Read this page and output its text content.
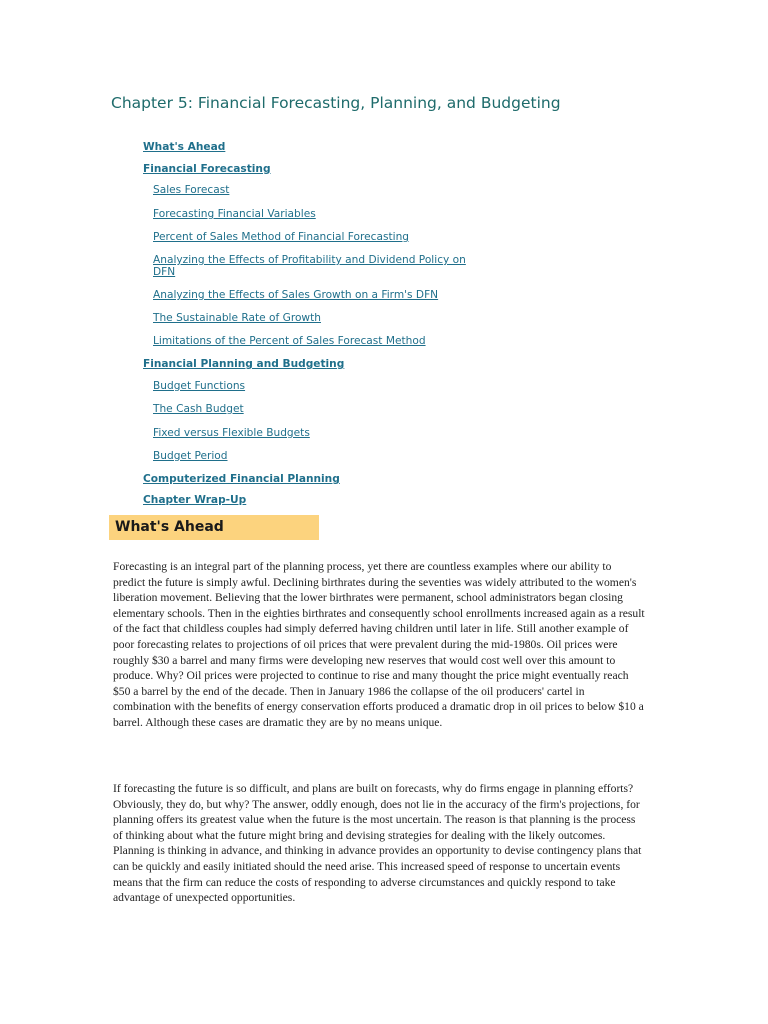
Chapter 5: Financial Forecasting, Planning, and Budgeting
What's Ahead
Financial Forecasting
Sales Forecast
Forecasting Financial Variables
Percent of Sales Method of Financial Forecasting
Analyzing the Effects of Profitability and Dividend Policy on DFN
Analyzing the Effects of Sales Growth on a Firm's DFN
The Sustainable Rate of Growth
Limitations of the Percent of Sales Forecast Method
Financial Planning and Budgeting
Budget Functions
The Cash Budget
Fixed versus Flexible Budgets
Budget Period
Computerized Financial Planning
Chapter Wrap-Up
What's Ahead

Forecasting is an integral part of the planning process, yet there are countless examples where our ability to predict the future is simply awful. Declining birthrates during the seventies was widely attributed to the women's liberation movement. Believing that the lower birthrates were permanent, school administrators began closing elementary schools. Then in the eighties birthrates and consequently school enrollments increased again as a result of the fact that childless couples had simply deferred having children until later in life. Still another example of poor forecasting relates to projections of oil prices that were prevalent during the mid-1980s. Oil prices were roughly $30 a barrel and many firms were developing new reserves that would cost well over this amount to produce. Why? Oil prices were projected to continue to rise and many thought the price might eventually reach $50 a barrel by the end of the decade. Then in January 1986 the collapse of the oil producers' cartel in combination with the benefits of energy conservation efforts produced a dramatic drop in oil prices to below $10 a barrel. Although these cases are dramatic they are by no means unique.

If forecasting the future is so difficult, and plans are built on forecasts, why do firms engage in planning efforts? Obviously, they do, but why? The answer, oddly enough, does not lie in the accuracy of the firm's projections, for planning offers its greatest value when the future is the most uncertain. The reason is that planning is the process of thinking about what the future might bring and devising strategies for dealing with the likely outcomes. Planning is thinking in advance, and thinking in advance provides an opportunity to devise contingency plans that can be quickly and easily initiated should the need arise. This increased speed of response to uncertain events means that the firm can reduce the costs of responding to adverse circumstances and quickly respond to take advantage of unexpected opportunities.
